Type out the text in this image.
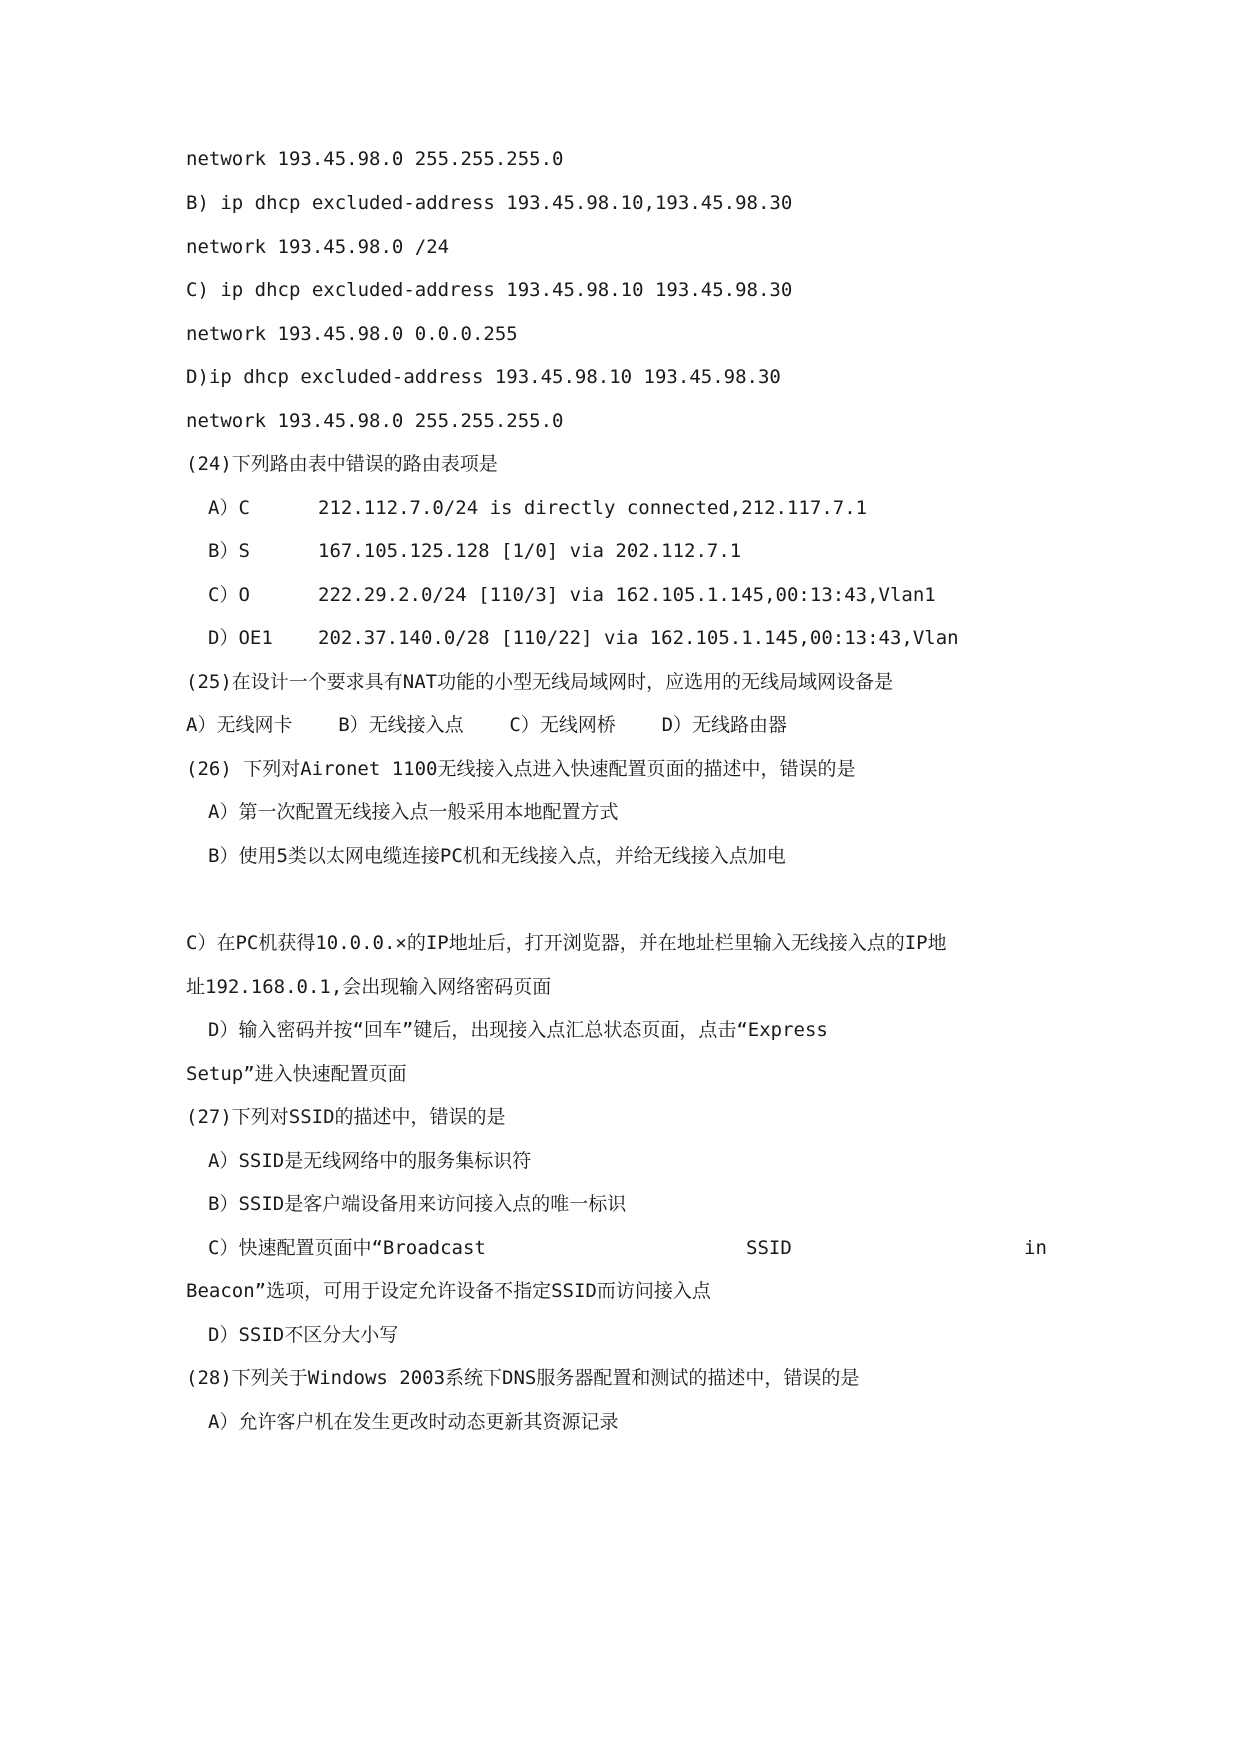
network 193.45.98.0 255.255.255.0
B) ip dhcp excluded-address 193.45.98.10,193.45.98.30
network 193.45.98.0 /24
C) ip dhcp excluded-address 193.45.98.10 193.45.98.30
network 193.45.98.0 0.0.0.255
D)ip dhcp excluded-address 193.45.98.10 193.45.98.30
network 193.45.98.0 255.255.255.0
(24)下列路由表中错误的路由表项是
A）C	212.112.7.0/24 is directly connected,212.117.7.1
B）S	167.105.125.128 [1/0] via 202.112.7.1
C）O	222.29.2.0/24 [110/3] via 162.105.1.145,00:13:43,Vlan1
D）OE1 202.37.140.0/28 [110/22] via 162.105.1.145,00:13:43,Vlan
(25)在设计一个要求具有NAT功能的小型无线局域网时，应选用的无线局域网设备是
A）无线网卡    B）无线接入点    C）无线网桥    D）无线路由器
(26) 下列对Aironet 1100无线接入点进入快速配置页面的描述中，错误的是
A）第一次配置无线接入点一般采用本地配置方式
B）使用5类以太网电缆连接PC机和无线接入点，并给无线接入点加电
C）在PC机获得10.0.0.×的IP地址后，打开浏览器，并在地址栏里输入无线接入点的IP地
址192.168.0.1,会出现输入网络密码页面
D）输入密码并按“回车”键后，出现接入点汇总状态页面，点击“Express
Setup”进入快速配置页面
(27)下列对SSID的描述中，错误的是
A）SSID是无线网络中的服务集标识符
B）SSID是客户端设备用来访问接入点的唯一标识
C）快速配置页面中“Broadcast	SSID	in
Beacon”选项，可用于设定允许设备不指定SSID而访问接入点
D）SSID不区分大小写
(28)下列关于Windows 2003系统下DNS服务器配置和测试的描述中，错误的是
A）允许客户机在发生更改时动态更新其资源记录
